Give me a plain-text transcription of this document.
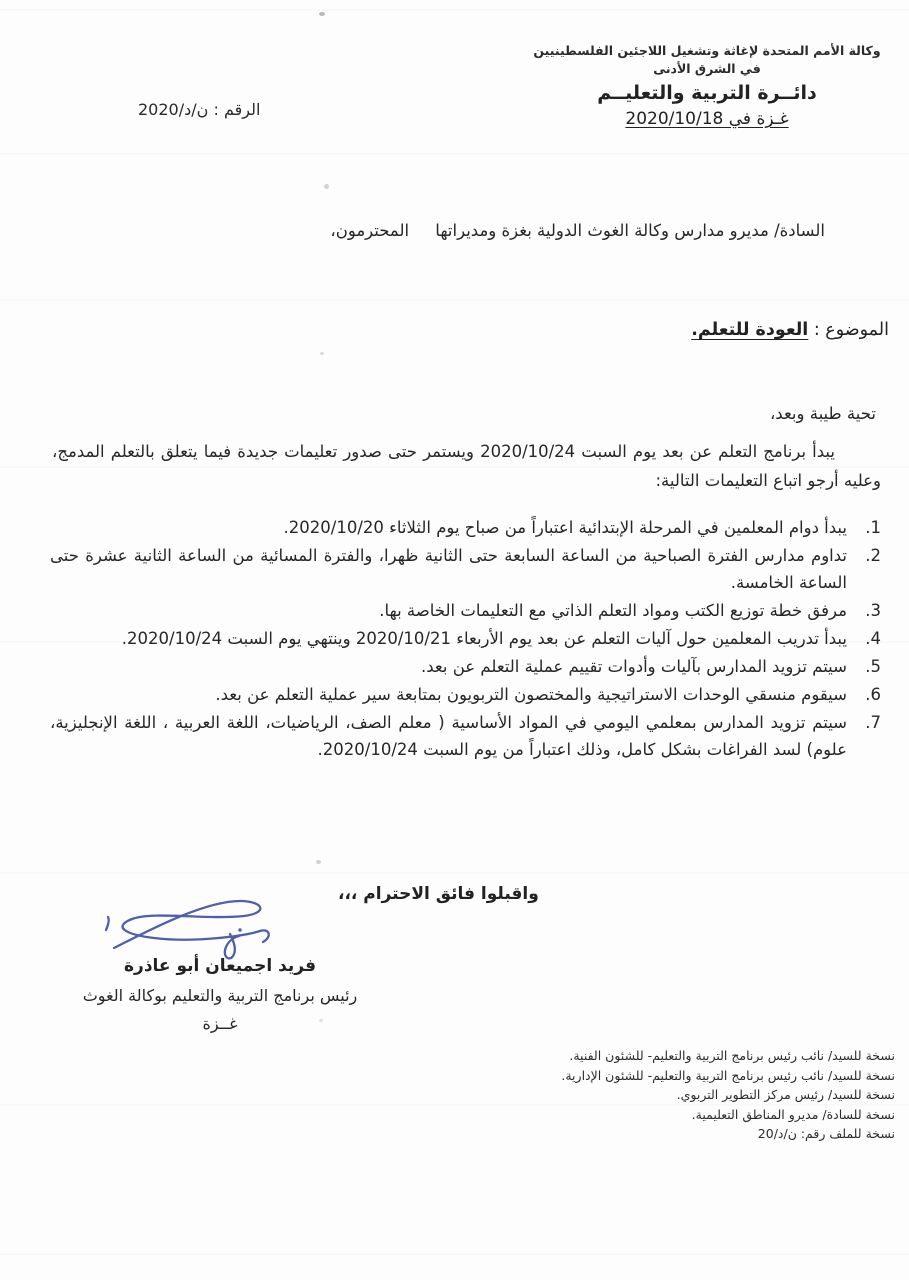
وكالة الأمم المتحدة لإغاثة وتشغيل اللاجئين الفلسطينيين
في الشرق الأدنى
دائــرة التربية والتعليــم
غـزة في 2020/10/18
الرقم : ن/د/2020
السادة/ مديرو مدارس وكالة الغوث الدولية بغزة ومديراتها     المحترمون،
الموضوع : العودة للتعلم.
تحية طيبة وبعد،
يبدأ برنامج التعلم عن بعد يوم السبت 2020/10/24 ويستمر حتى صدور تعليمات جديدة فيما يتعلق بالتعلم المدمج، وعليه أرجو اتباع التعليمات التالية:
1.
يبدأ دوام المعلمين في المرحلة الإبتدائية اعتباراً من صباح يوم الثلاثاء 2020/10/20.
2.
تداوم مدارس الفترة الصباحية من الساعة السابعة حتى الثانية ظهرا، والفترة المسائية من الساعة الثانية عشرة حتى الساعة الخامسة.
3.
مرفق خطة توزيع الكتب ومواد التعلم الذاتي مع التعليمات الخاصة بها.
4.
يبدأ تدريب المعلمين حول آليات التعلم عن بعد يوم الأربعاء 2020/10/21 وينتهي يوم السبت 2020/10/24.
5.
سيتم تزويد المدارس بآليات وأدوات تقييم عملية التعلم عن بعد.
6.
سيقوم منسقي الوحدات الاستراتيجية والمختصون التربويون بمتابعة سير عملية التعلم عن بعد.
7.
سيتم تزويد المدارس بمعلمي اليومي في المواد الأساسية ( معلم الصف، الرياضيات، اللغة العربية ، اللغة الإنجليزية، علوم) لسد الفراغات بشكل كامل، وذلك اعتباراً من يوم السبت 2020/10/24.
واقبلوا فائق الاحترام ،،،
فريد اجميعان أبو عاذرة
رئيس برنامج التربية والتعليم بوكالة الغوث
غــزة
نسخة للسيد/ نائب رئيس برنامج التربية والتعليم- للشئون الفنية.
نسخة للسيد/ نائب رئيس برنامج التربية والتعليم- للشئون الإدارية.
نسخة للسيد/ رئيس مركز التطوير التربوي.
نسخة للسادة/ مديرو المناطق التعليمية.
نسخة للملف رقم: ن/د/20
